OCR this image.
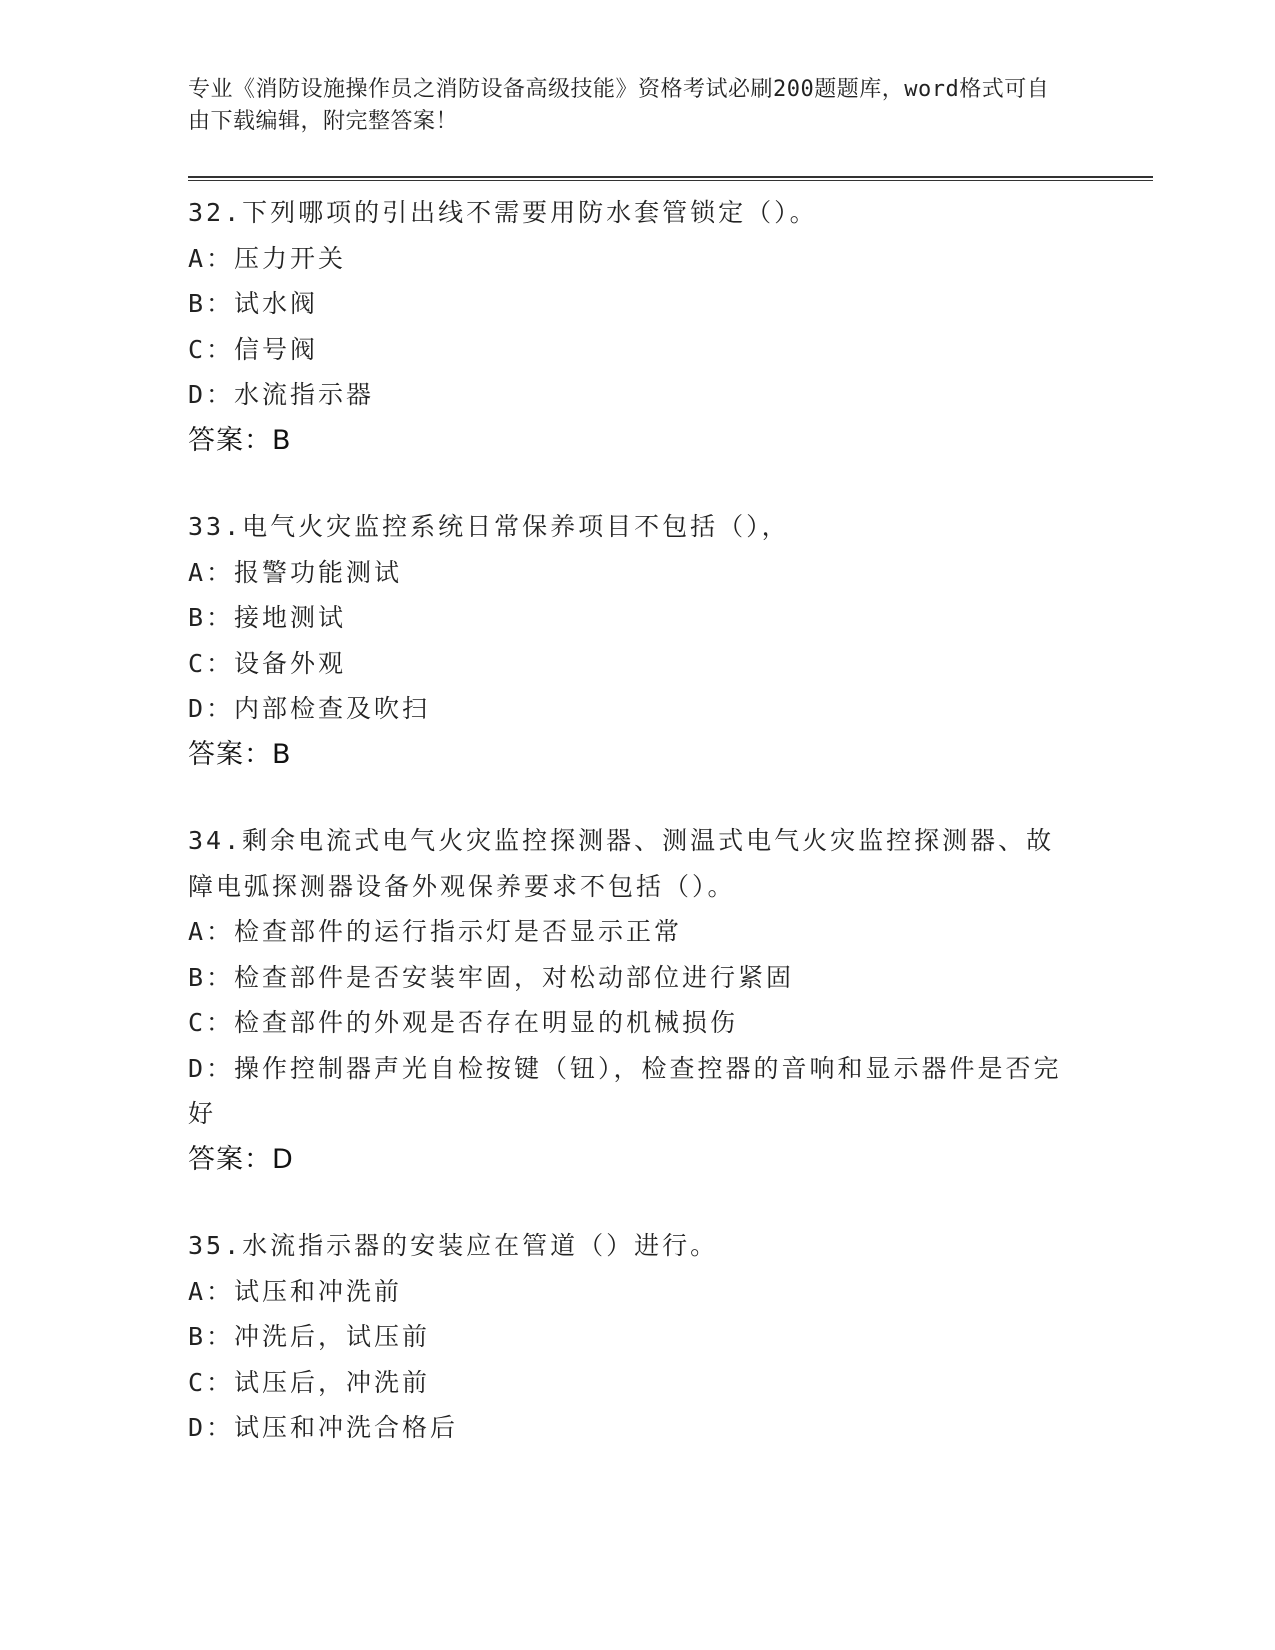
专业《消防设施操作员之消防设备高级技能》资格考试必刷200题题库，word格式可自由下载编辑，附完整答案！
32.下列哪项的引出线不需要用防水套管锁定（）。
A：压力开关
B：试水阀
C：信号阀
D：水流指示器
答案：B
33.电气火灾监控系统日常保养项目不包括（），
A：报警功能测试
B：接地测试
C：设备外观
D：内部检查及吹扫
答案：B
34.剩余电流式电气火灾监控探测器、测温式电气火灾监控探测器、故障电弧探测器设备外观保养要求不包括（）。
A：检查部件的运行指示灯是否显示正常
B：检查部件是否安装牢固，对松动部位进行紧固
C：检查部件的外观是否存在明显的机械损伤
D：操作控制器声光自检按键（钮），检查控器的音响和显示器件是否完好
答案：D
35.水流指示器的安装应在管道（）进行。
A：试压和冲洗前
B：冲洗后，试压前
C：试压后，冲洗前
D：试压和冲洗合格后
